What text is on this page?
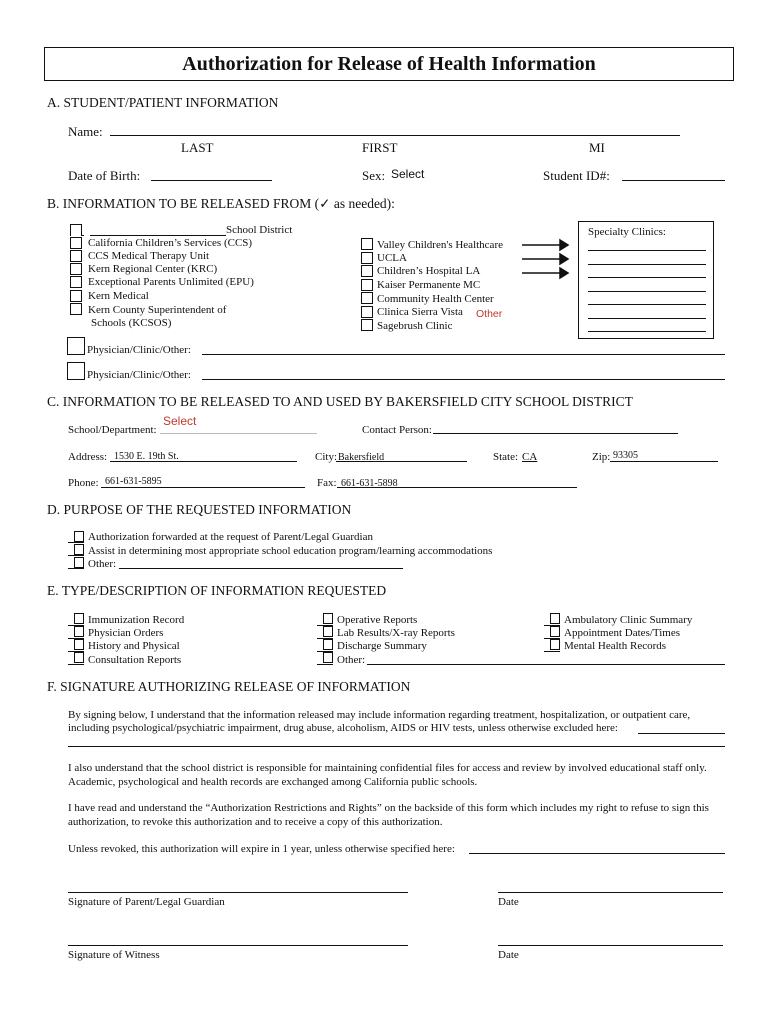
Authorization for Release of Health Information
A. STUDENT/PATIENT INFORMATION
Name:
LAST	FIRST	MI
Date of Birth:	Sex: Select	Student ID#:
B. INFORMATION TO BE RELEASED FROM (✓ as needed):
School District
California Children’s Services (CCS)
CCS Medical Therapy Unit
Kern Regional Center (KRC)
Exceptional Parents Unlimited (EPU)
Kern Medical
Kern County Superintendent of
Schools (KCSOS)
Valley Children's Healthcare
UCLA
Children’s Hospital LA
Kaiser Permanente MC
Community Health Center
Clinica Sierra Vista Other
Sagebrush Clinic
Specialty Clinics:
Physician/Clinic/Other:
Physician/Clinic/Other:
C. INFORMATION TO BE RELEASED TO AND USED BY BAKERSFIELD CITY SCHOOL DISTRICT
School/Department:
Select
Contact Person:
Address: 1530 E. 19th St.	City: Bakersfield	State: CA	Zip: 93305
Phone: 661-631-5895	Fax: 661-631-5898
D. PURPOSE OF THE REQUESTED INFORMATION
Authorization forwarded at the request of Parent/Legal Guardian
Assist in determining most appropriate school education program/learning accommodations
Other:
E. TYPE/DESCRIPTION OF INFORMATION REQUESTED
Immunization Record
Physician Orders
History and Physical
Consultation Reports
Operative Reports
Lab Results/X-ray Reports
Discharge Summary
Other:
Ambulatory Clinic Summary
Appointment Dates/Times
Mental Health Records
F. SIGNATURE AUTHORIZING RELEASE OF INFORMATION
By signing below, I understand that the information released may include information regarding treatment, hospitalization, or outpatient care,
including psychological/psychiatric impairment, drug abuse, alcoholism, AIDS or HIV tests, unless otherwise excluded here:
I also understand that the school district is responsible for maintaining confidential files for access and review by involved educational staff only.
Academic, psychological and health records are exchanged among California public schools.
I have read and understand the “Authorization Restrictions and Rights” on the backside of this form which includes my right to refuse to sign this
authorization, to revoke this authorization and to receive a copy of this authorization.
Unless revoked, this authorization will expire in 1 year, unless otherwise specified here:
Signature of Parent/Legal Guardian	Date
Signature of Witness	Date
